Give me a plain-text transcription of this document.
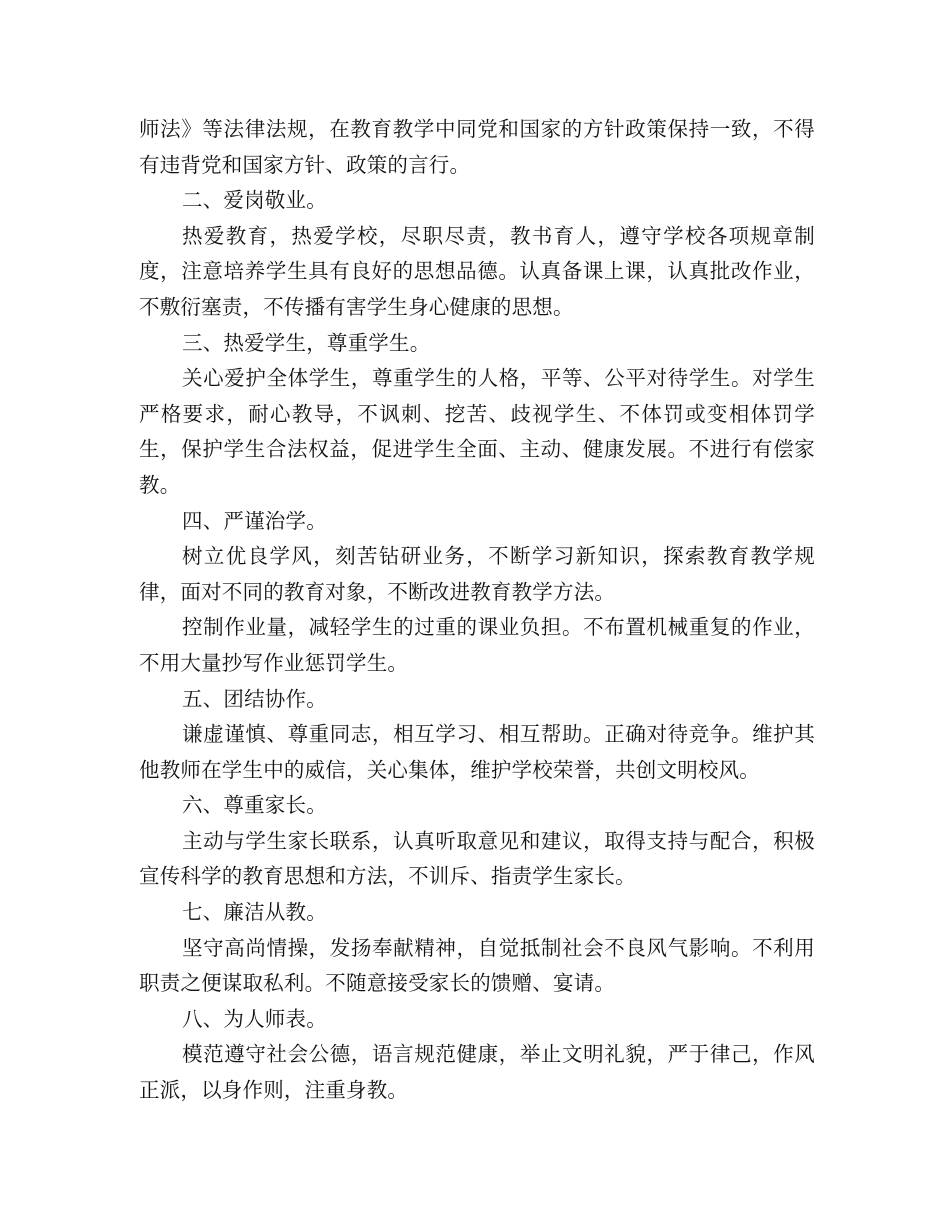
师法》等法律法规，在教育教学中同党和国家的方针政策保持一致，不得有违背党和国家方针、政策的言行。

二、爱岗敬业。

热爱教育，热爱学校，尽职尽责，教书育人，遵守学校各项规章制度，注意培养学生具有良好的思想品德。认真备课上课，认真批改作业，不敷衍塞责，不传播有害学生身心健康的思想。

三、热爱学生，尊重学生。

关心爱护全体学生，尊重学生的人格，平等、公平对待学生。对学生严格要求，耐心教导，不讽刺、挖苦、歧视学生、不体罚或变相体罚学生，保护学生合法权益，促进学生全面、主动、健康发展。不进行有偿家教。

四、严谨治学。

树立优良学风，刻苦钻研业务，不断学习新知识，探索教育教学规律，面对不同的教育对象，不断改进教育教学方法。

控制作业量，减轻学生的过重的课业负担。不布置机械重复的作业，不用大量抄写作业惩罚学生。

五、团结协作。

谦虚谨慎、尊重同志，相互学习、相互帮助。正确对待竞争。维护其他教师在学生中的威信，关心集体，维护学校荣誉，共创文明校风。

六、尊重家长。

主动与学生家长联系，认真听取意见和建议，取得支持与配合，积极宣传科学的教育思想和方法，不训斥、指责学生家长。

七、廉洁从教。

坚守高尚情操，发扬奉献精神，自觉抵制社会不良风气影响。不利用职责之便谋取私利。不随意接受家长的馈赠、宴请。

八、为人师表。

模范遵守社会公德，语言规范健康，举止文明礼貌，严于律己，作风正派，以身作则，注重身教。
